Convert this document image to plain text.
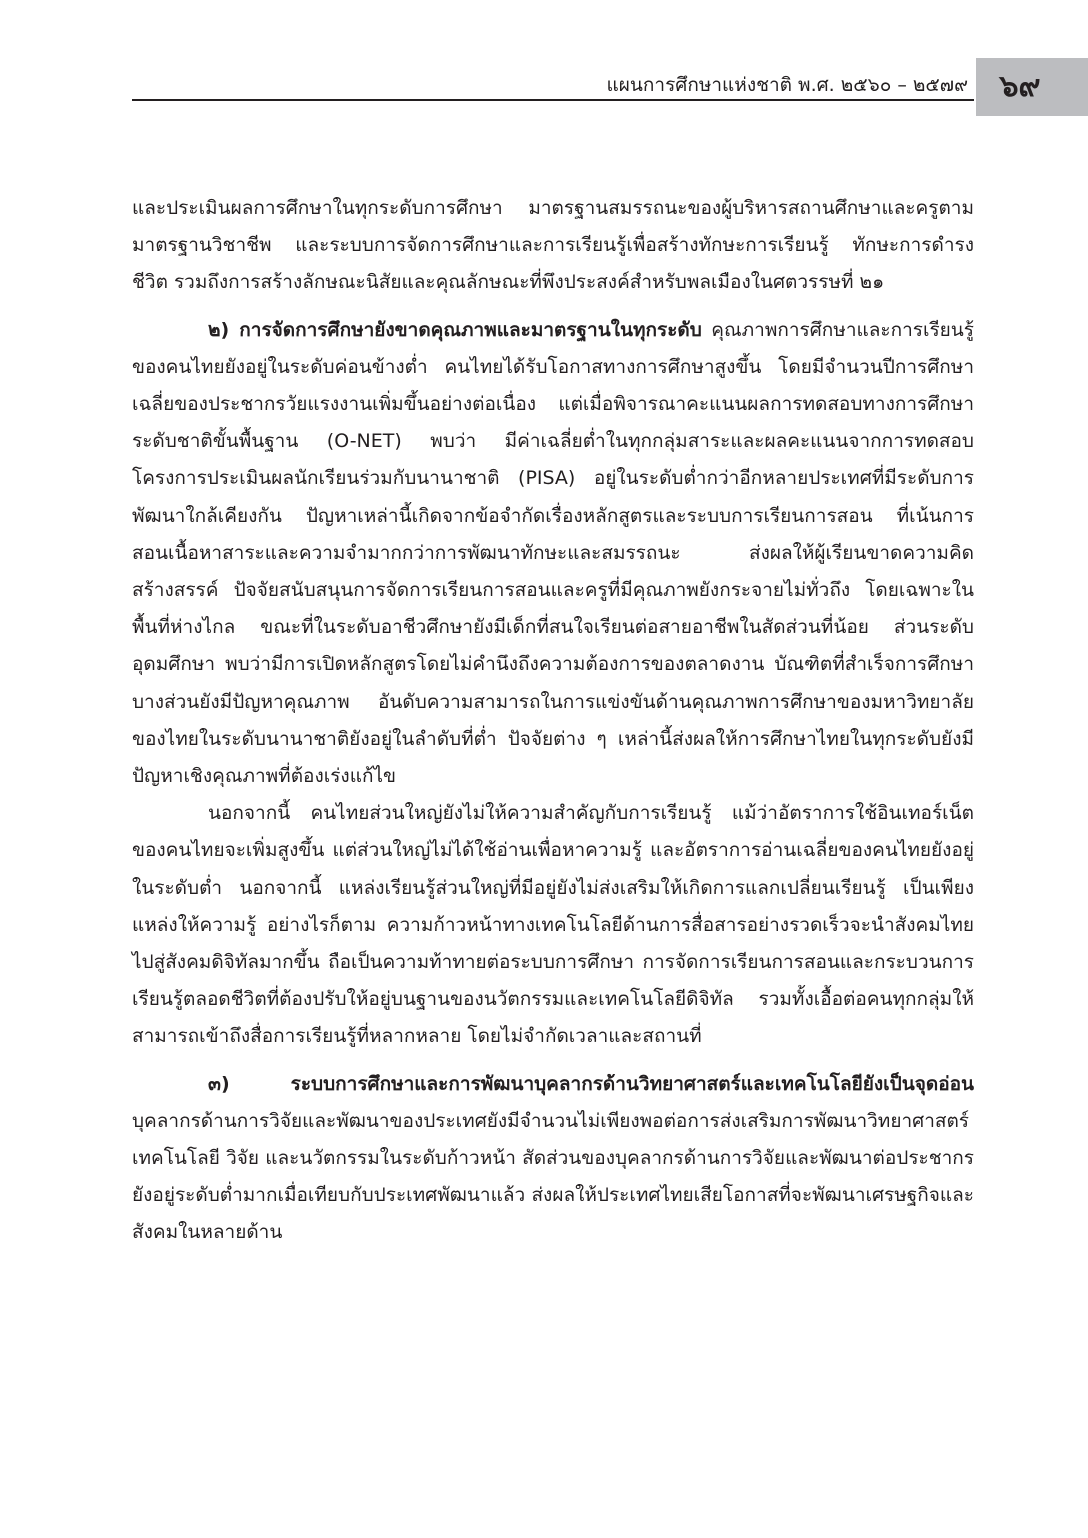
แผนการศึกษาแห่งชาติ พ.ศ. ๒๕๖๐ – ๒๕๗๙	๖๙

และประเมินผลการศึกษาในทุกระดับการศึกษา มาตรฐานสมรรถนะของผู้บริหารสถานศึกษาและครูตามมาตรฐานวิชาชีพ และระบบการจัดการศึกษาและการเรียนรู้เพื่อสร้างทักษะการเรียนรู้ ทักษะการดำรงชีวิต รวมถึงการสร้างลักษณะนิสัยและคุณลักษณะที่พึงประสงค์สำหรับพลเมืองในศตวรรษที่ ๒๑

๒) การจัดการศึกษายังขาดคุณภาพและมาตรฐานในทุกระดับ คุณภาพการศึกษาและการเรียนรู้ของคนไทยยังอยู่ในระดับค่อนข้างต่ำ คนไทยได้รับโอกาสทางการศึกษาสูงขึ้น โดยมีจำนวนปีการศึกษาเฉลี่ยของประชากรวัยแรงงานเพิ่มขึ้นอย่างต่อเนื่อง แต่เมื่อพิจารณาคะแนนผลการทดสอบทางการศึกษาระดับชาติขั้นพื้นฐาน (O-NET) พบว่า มีค่าเฉลี่ยต่ำในทุกกลุ่มสาระและผลคะแนนจากการทดสอบโครงการประเมินผลนักเรียนร่วมกับนานาชาติ (PISA) อยู่ในระดับต่ำกว่าอีกหลายประเทศที่มีระดับการพัฒนาใกล้เคียงกัน ปัญหาเหล่านี้เกิดจากข้อจำกัดเรื่องหลักสูตรและระบบการเรียนการสอน ที่เน้นการสอนเนื้อหาสาระและความจำมากกว่าการพัฒนาทักษะและสมรรถนะ ส่งผลให้ผู้เรียนขาดความคิดสร้างสรรค์ ปัจจัยสนับสนุนการจัดการเรียนการสอนและครูที่มีคุณภาพยังกระจายไม่ทั่วถึง โดยเฉพาะในพื้นที่ห่างไกล ขณะที่ในระดับอาชีวศึกษายังมีเด็กที่สนใจเรียนต่อสายอาชีพในสัดส่วนที่น้อย ส่วนระดับอุดมศึกษา พบว่ามีการเปิดหลักสูตรโดยไม่คำนึงถึงความต้องการของตลาดงาน บัณฑิตที่สำเร็จการศึกษาบางส่วนยังมีปัญหาคุณภาพ อันดับความสามารถในการแข่งขันด้านคุณภาพการศึกษาของมหาวิทยาลัยของไทยในระดับนานาชาติยังอยู่ในลำดับที่ต่ำ ปัจจัยต่าง ๆ เหล่านี้ส่งผลให้การศึกษาไทยในทุกระดับยังมีปัญหาเชิงคุณภาพที่ต้องเร่งแก้ไข

นอกจากนี้ คนไทยส่วนใหญ่ยังไม่ให้ความสำคัญกับการเรียนรู้ แม้ว่าอัตราการใช้อินเทอร์เน็ตของคนไทยจะเพิ่มสูงขึ้น แต่ส่วนใหญ่ไม่ได้ใช้อ่านเพื่อหาความรู้ และอัตราการอ่านเฉลี่ยของคนไทยยังอยู่ในระดับต่ำ นอกจากนี้ แหล่งเรียนรู้ส่วนใหญ่ที่มีอยู่ยังไม่ส่งเสริมให้เกิดการแลกเปลี่ยนเรียนรู้ เป็นเพียงแหล่งให้ความรู้ อย่างไรก็ตาม ความก้าวหน้าทางเทคโนโลยีด้านการสื่อสารอย่างรวดเร็วจะนำสังคมไทยไปสู่สังคมดิจิทัลมากขึ้น ถือเป็นความท้าทายต่อระบบการศึกษา การจัดการเรียนการสอนและกระบวนการเรียนรู้ตลอดชีวิตที่ต้องปรับให้อยู่บนฐานของนวัตกรรมและเทคโนโลยีดิจิทัล รวมทั้งเอื้อต่อคนทุกกลุ่มให้สามารถเข้าถึงสื่อการเรียนรู้ที่หลากหลาย โดยไม่จำกัดเวลาและสถานที่

๓) ระบบการศึกษาและการพัฒนาบุคลากรด้านวิทยาศาสตร์และเทคโนโลยียังเป็นจุดอ่อน บุคลากรด้านการวิจัยและพัฒนาของประเทศยังมีจำนวนไม่เพียงพอต่อการส่งเสริมการพัฒนาวิทยาศาสตร์ เทคโนโลยี วิจัย และนวัตกรรมในระดับก้าวหน้า สัดส่วนของบุคลากรด้านการวิจัยและพัฒนาต่อประชากรยังอยู่ระดับต่ำมากเมื่อเทียบกับประเทศพัฒนาแล้ว ส่งผลให้ประเทศไทยเสียโอกาสที่จะพัฒนาเศรษฐกิจและสังคมในหลายด้าน
